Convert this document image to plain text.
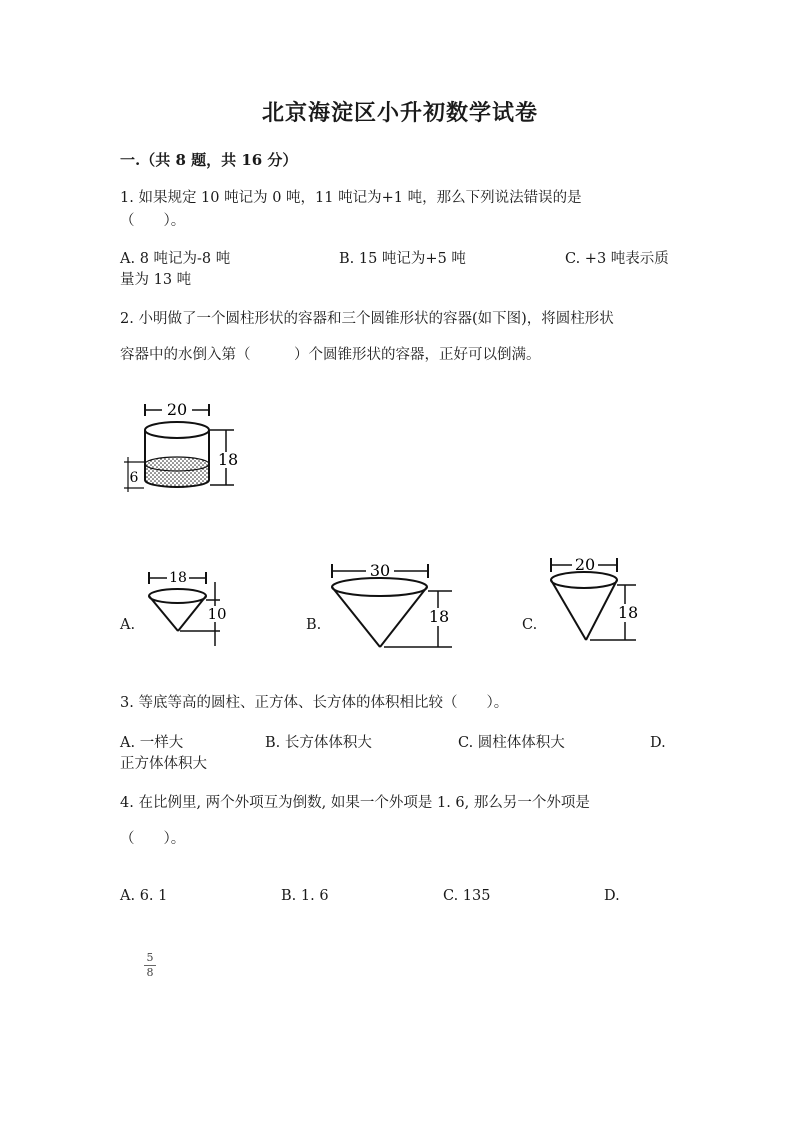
北京海淀区小升初数学试卷
一.（共 8 题，共 16 分）
1. 如果规定 10 吨记为 0 吨，11 吨记为+1 吨，那么下列说法错误的是
（　　）。
A. 8 吨记为-8 吨	B. 15 吨记为+5 吨	C. +3 吨表示质
量为 13 吨
2. 小明做了一个圆柱形状的容器和三个圆锥形状的容器(如下图)，将圆柱形状
容器中的水倒入第（　　　）个圆锥形状的容器，正好可以倒满。
20
18
6
A.
18
10
B.
30
18	C.
20
18
3. 等底等高的圆柱、正方体、长方体的体积相比较（　　）。
A. 一样大	B. 长方体体积大	C. 圆柱体体积大	D.
正方体体积大
4. 在比例里, 两个外项互为倒数, 如果一个外项是 1. 6, 那么另一个外项是
（　　）。
A. 6. 1	B. 1. 6	C. 135	D.
5
8
